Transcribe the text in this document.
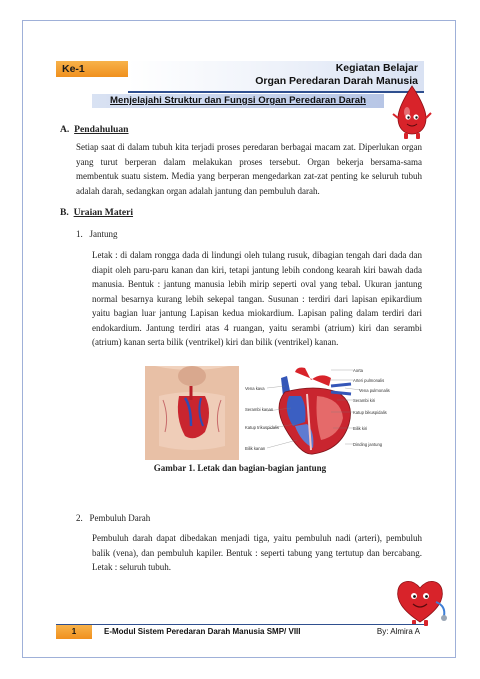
Ke-1	Kegiatan Belajar
Organ Peredaran Darah Manusia
Menjelajahi Struktur dan Fungsi Organ Peredaran Darah
A. Pendahuluan

Setiap saat di dalam tubuh kita terjadi proses peredaran berbagai macam zat. Diperlukan organ yang turut berperan dalam melakukan proses tersebut. Organ bekerja bersama-sama membentuk suatu sistem. Media yang berperan mengedarkan zat-zat penting ke seluruh tubuh adalah darah, sedangkan organ adalah jantung dan pembuluh darah.

B. Uraian Materi
1. Jantung

Letak : di dalam rongga dada di lindungi oleh tulang rusuk, dibagian tengah dari dada dan diapit oleh paru-paru kanan dan kiri, tetapi jantung lebih condong kearah kiri bawah dada manusia. Bentuk : jantung manusia lebih mirip seperti oval yang tebal. Ukuran jantung normal besarnya kurang lebih sekepal tangan. Susunan : terdiri dari lapisan epikardium yaitu bagian luar jantung Lapisan kedua miokardium. Lapisan paling dalam terdiri dari endokardium. Jantung terdiri atas 4 ruangan, yaitu serambi (atrium) kiri dan serambi (atrium) kanan serta bilik (ventrikel) kiri dan bilik (ventrikel) kanan.

Vena kava
Serambi kanan
Katup trikuspidalis
Bilik kanan
Aorta
Arteri pulmonalis
Vena pulmonalis
Serambi kiri
Katup bikuspidalis
Bilik kiri
Dinding jantung
Gambar 1. Letak dan bagian-bagian jantung
2. Pembuluh Darah

Pembuluh darah dapat dibedakan menjadi tiga, yaitu pembuluh nadi (arteri), pembuluh balik (vena), dan pembuluh kapiler. Bentuk : seperti tabung yang tertutup dan bercabang. Letak : seluruh tubuh.

1	E-Modul Sistem Peredaran Darah Manusia SMP/ VIII	By: Almira A
